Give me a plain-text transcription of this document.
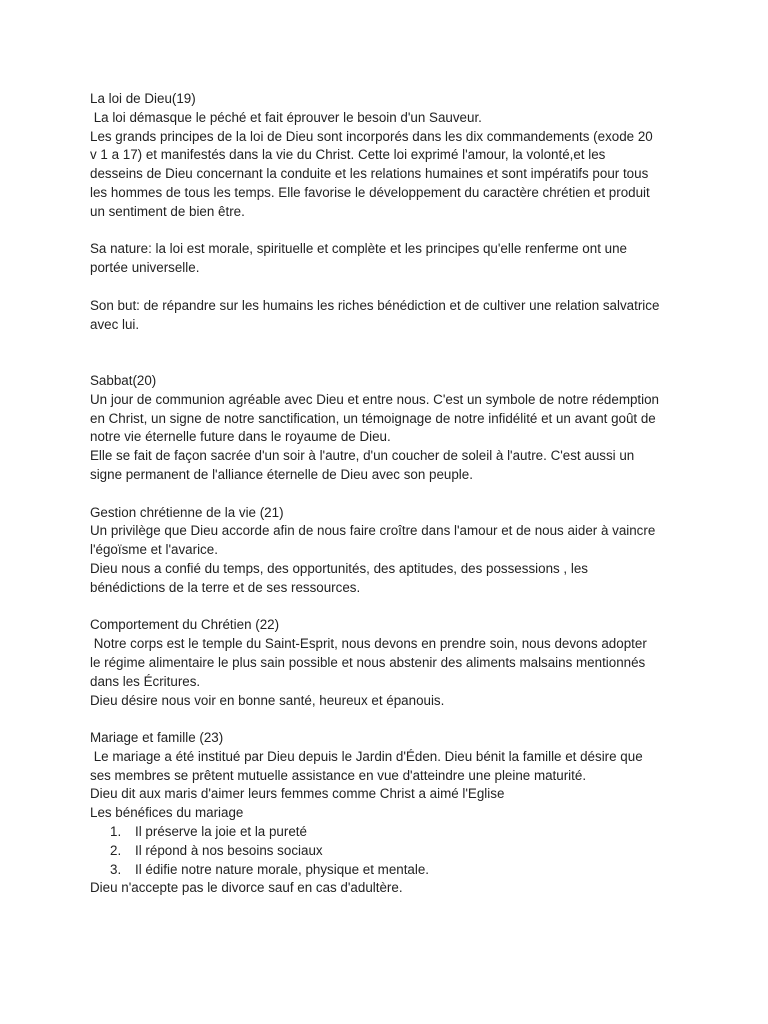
La loi de Dieu(19)
La loi démasque le péché et fait éprouver le besoin d'un Sauveur.
Les grands principes de la loi de Dieu sont incorporés dans les dix commandements (exode 20
v 1 a 17) et manifestés dans la vie du Christ. Cette loi exprimé l'amour, la volonté,et les
desseins de Dieu concernant la conduite et les relations humaines et sont impératifs pour tous
les hommes de tous les temps. Elle favorise le développement du caractère chrétien et produit
un sentiment de bien être.
Sa nature: la loi est morale, spirituelle et complète et les principes qu'elle renferme ont une
portée universelle.
Son but: de répandre sur les humains les riches bénédiction et de cultiver une relation salvatrice
avec lui.
Sabbat(20)
Un jour de communion agréable avec Dieu et entre nous. C'est un symbole de notre rédemption
en Christ, un signe de notre sanctification, un témoignage de notre infidélité et un avant goût de
notre vie éternelle future dans le royaume de Dieu.
Elle se fait de façon sacrée d'un soir à l'autre, d'un coucher de soleil à l'autre. C'est aussi un
signe permanent de l'alliance éternelle de Dieu avec son peuple.
Gestion chrétienne de la vie (21)
Un privilège que Dieu accorde afin de nous faire croître dans l'amour et de nous aider à vaincre
l'égoïsme et l'avarice.
Dieu nous a confié du temps, des opportunités, des aptitudes, des possessions , les
bénédictions de la terre et de ses ressources.
Comportement du Chrétien (22)
Notre corps est le temple du Saint-Esprit, nous devons en prendre soin, nous devons adopter
le régime alimentaire le plus sain possible et nous abstenir des aliments malsains mentionnés
dans les Écritures.
Dieu désire nous voir en bonne santé, heureux et épanouis.
Mariage et famille (23)
Le mariage a été institué par Dieu depuis le Jardin d'Éden. Dieu bénit la famille et désire que
ses membres se prêtent mutuelle assistance en vue d'atteindre une pleine maturité.
Dieu dit aux maris d'aimer leurs femmes comme Christ a aimé l'Eglise
Les bénéfices du mariage
1.	Il préserve la joie et la pureté
2.	Il répond à nos besoins sociaux
3.	Il édifie notre nature morale, physique et mentale.
Dieu n'accepte pas le divorce sauf en cas d'adultère.
